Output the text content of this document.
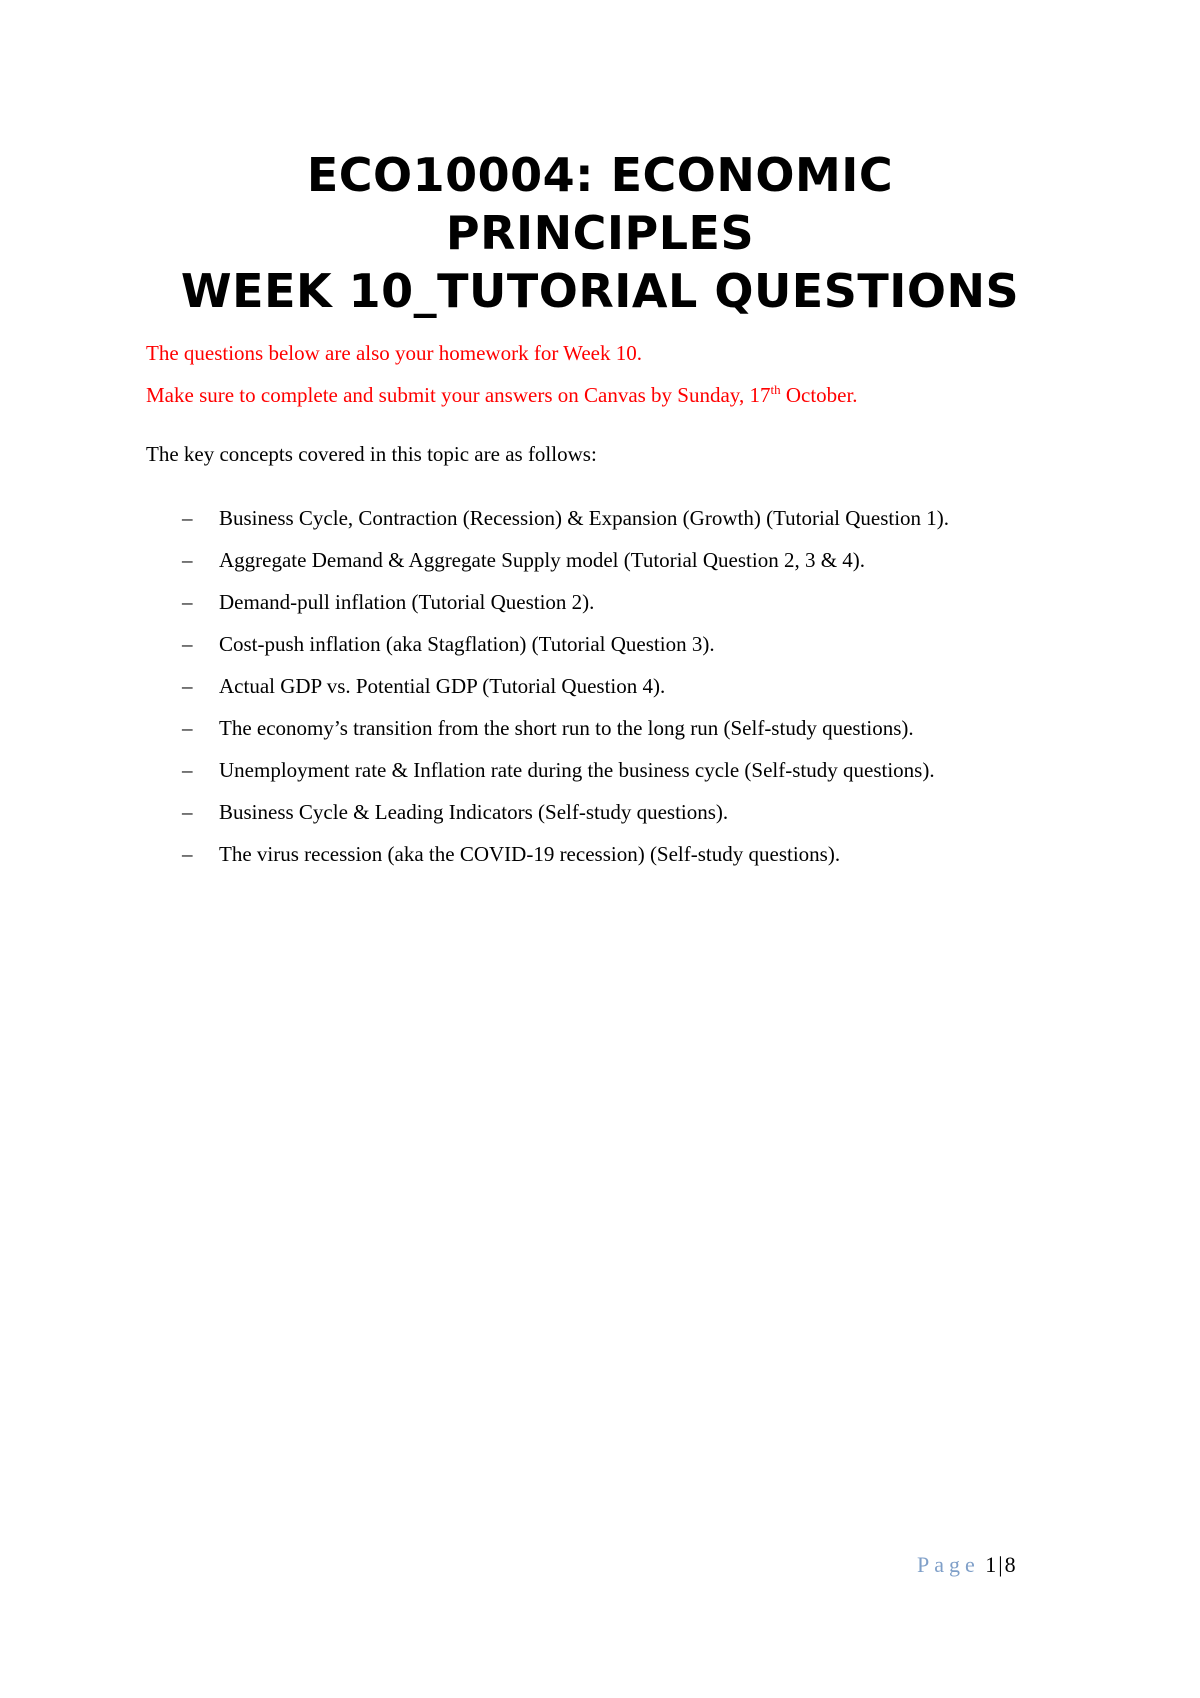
ECO10004: ECONOMIC
PRINCIPLES
WEEK 10_TUTORIAL QUESTIONS
The questions below are also your homework for Week 10.
Make sure to complete and submit your answers on Canvas by Sunday, 17th October.
The key concepts covered in this topic are as follows:
– Business Cycle, Contraction (Recession) & Expansion (Growth) (Tutorial Question 1).
– Aggregate Demand & Aggregate Supply model (Tutorial Question 2, 3 & 4).
– Demand-pull inflation (Tutorial Question 2).
– Cost-push inflation (aka Stagflation) (Tutorial Question 3).
– Actual GDP vs. Potential GDP (Tutorial Question 4).
– The economy’s transition from the short run to the long run (Self-study questions).
– Unemployment rate & Inflation rate during the business cycle (Self-study questions).
– Business Cycle & Leading Indicators (Self-study questions).
– The virus recession (aka the COVID-19 recession) (Self-study questions).
Page 1|8
